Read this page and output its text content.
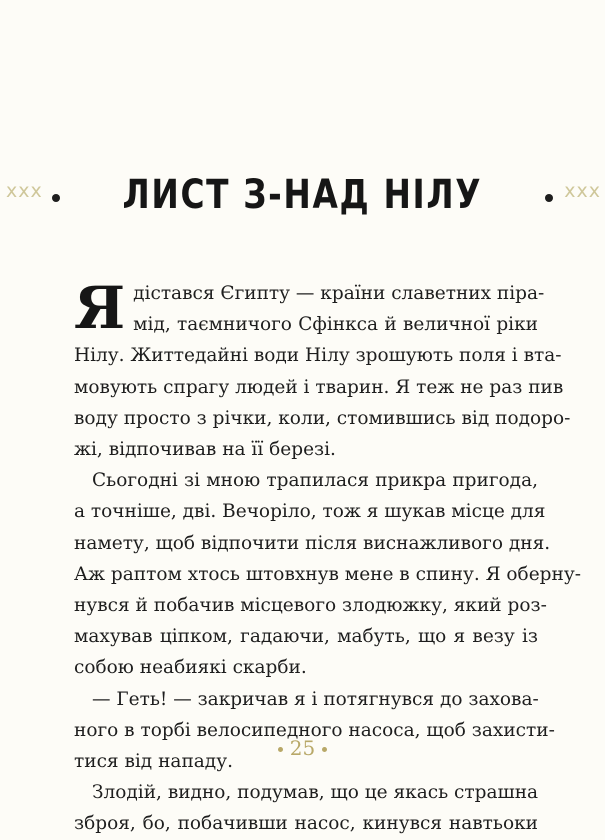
ххх	ххх
ЛИСТ З-НАД НІЛУ
Я дістався Єгипту — країни славетних піра-
мід, таємничого Сфінкса й величної ріки
Нілу. Життедайні води Нілу зрошують поля і вта-
мовують спрагу людей і тварин. Я теж не раз пив
воду просто з річки, коли, стомившись від подоро-
жі, відпочивав на її березі.
Сьогодні зі мною трапилася прикра пригода,
а точніше, дві. Вечоріло, тож я шукав місце для
намету, щоб відпочити після виснажливого дня.
Аж раптом хтось штовхнув мене в спину. Я оберну-
нувся й побачив місцевого злодюжку, який роз-
махував ціпком, гадаючи, мабуть, що я везу із
собою неабиякі скарби.
— Геть! — закричав я і потягнувся до захова-
ного в торбі велосипедного насоса, щоб захисти-
тися від нападу.
Злодій, видно, подумав, що це якась страшна
зброя, бо, побачивши насос, кинувся навтьоки
25
